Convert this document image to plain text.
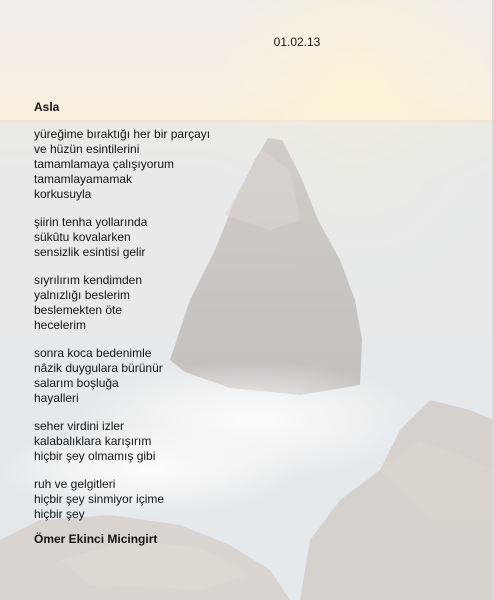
01.02.13
Asla
yüreğime bıraktığı her bir parçayı
ve hüzün esintilerini
tamamlamaya çalışıyorum
tamamlayamamak
korkusuyla
şiirin tenha yollarında
sükûtu kovalarken
sensizlik esintisi gelir
sıyrılırım kendimden
yalnızlığı beslerim
beslemekten öte
hecelerim
sonra koca bedenimle
nâzik duygulara bürünür
salarım boşluğa
hayalleri
seher virdini izler
kalabalıklara karışırım
hiçbir şey olmamış gibi
ruh ve gelgitleri
hiçbir şey sinmiyor içime
hiçbir şey
Ömer Ekinci Micingirt
